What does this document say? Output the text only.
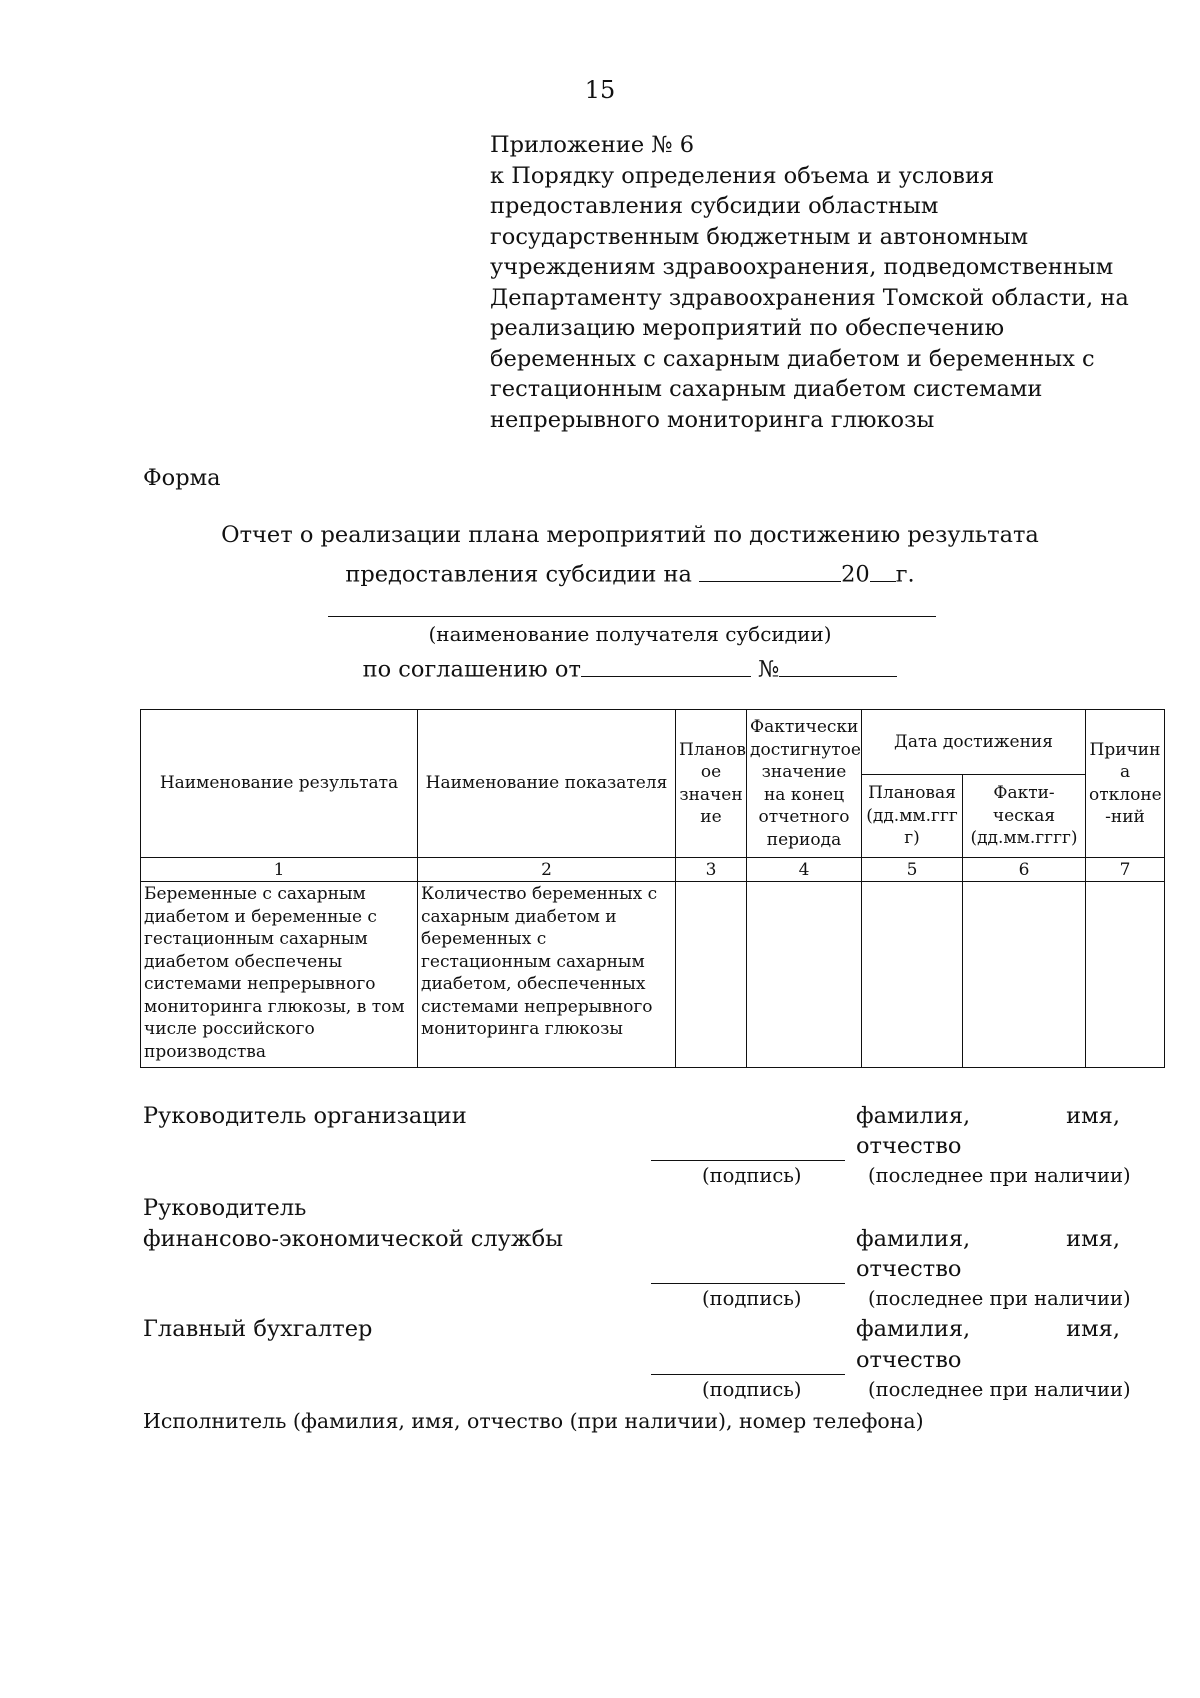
15
Приложение № 6
к Порядку определения объема и условия
предоставления субсидии областным
государственным бюджетным и автономным
учреждениям здравоохранения, подведомственным
Департаменту здравоохранения Томской области, на
реализацию мероприятий по обеспечению
беременных с сахарным диабетом и беременных с
гестационным сахарным диабетом системами
непрерывного мониторинга глюкозы
Форма
Отчет о реализации плана мероприятий по достижению результата
предоставления субсидии на	20 г.
(наименование получателя субсидии)
по соглашению от	№
Наименование результата	Наименование показателя	Планов ое значен ие	Фактически достигнутое значение на конец отчетного периода	Дата достижения		Причин а отклоне -ний
				Плановая (дд.мм.ггг г)	Факти- ческая (дд.мм.гггг)	
1	2	3	4	5	6	7
Беременные с сахарным диабетом и беременные с гестационным сахарным диабетом обеспечены системами непрерывного мониторинга глюкозы, в том числе российского производства	Количество беременных с сахарным диабетом и беременных с гестационным сахарным диабетом, обеспеченных системами непрерывного мониторинга глюкозы					
Руководитель организации	фамилия,	имя,
отчество
(подпись)	(последнее при наличии)
Руководитель
финансово-экономической службы	фамилия,	имя,
отчество
(подпись)	(последнее при наличии)
Главный бухгалтер	фамилия,	имя,
отчество
(подпись)	(последнее при наличии)
Исполнитель (фамилия, имя, отчество (при наличии), номер телефона)
